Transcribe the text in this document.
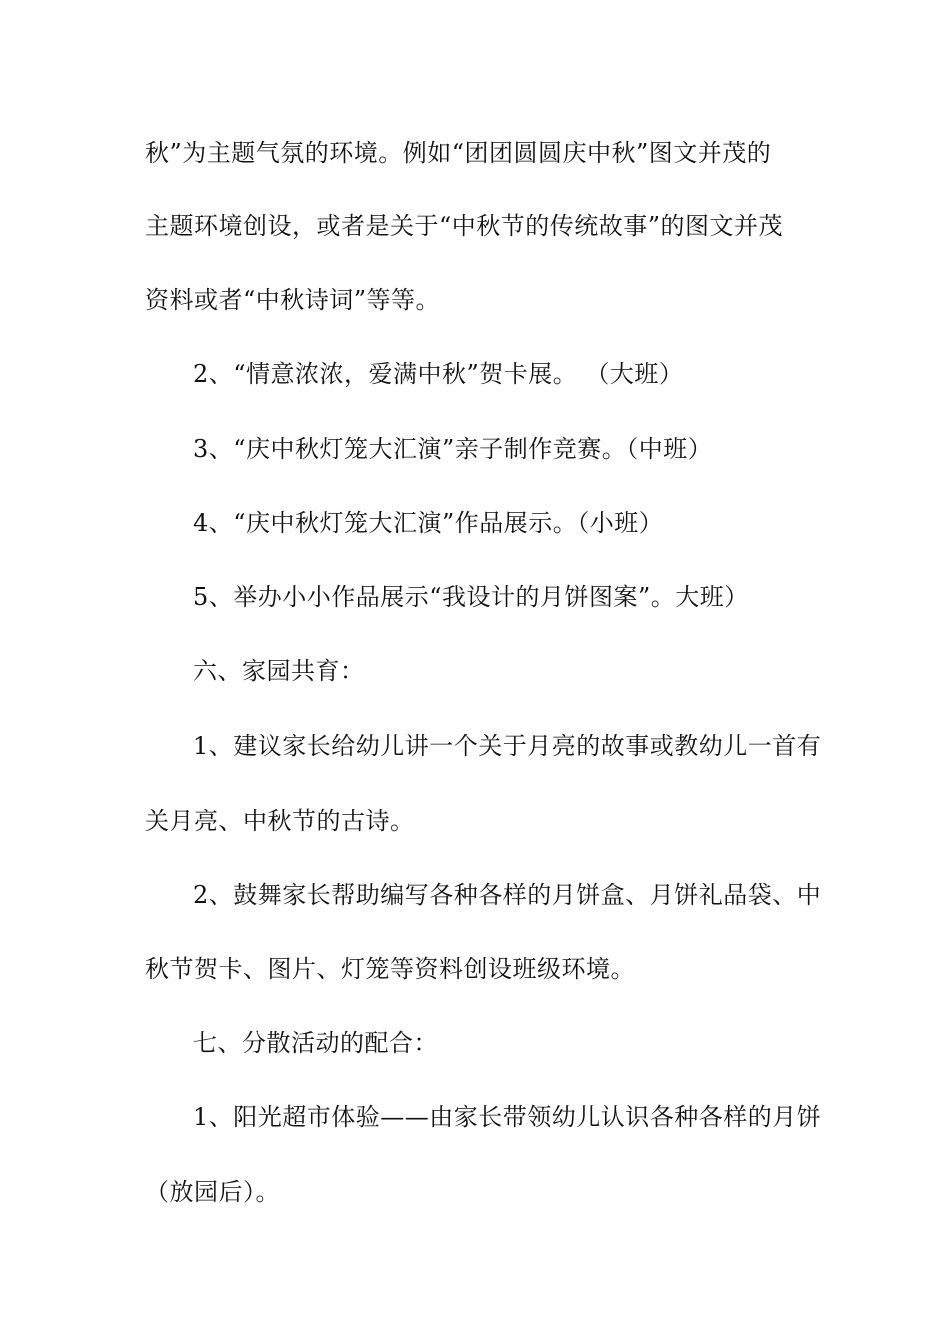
秋”为主题气氛的环境。例如“团团圆圆庆中秋”图文并茂的
主题环境创设，或者是关于“中秋节的传统故事”的图文并茂
资料或者“中秋诗词”等等。
2、“情意浓浓，爱满中秋”贺卡展。 （大班）
3、“庆中秋灯笼大汇演”亲子制作竞赛。（中班）
4、“庆中秋灯笼大汇演”作品展示。（小班）
5、举办小小作品展示“我设计的月饼图案”。大班）
六、家园共育：
1、建议家长给幼儿讲一个关于月亮的故事或教幼儿一首有
关月亮、中秋节的古诗。
2、鼓舞家长帮助编写各种各样的月饼盒、月饼礼品袋、中
秋节贺卡、图片、灯笼等资料创设班级环境。
七、分散活动的配合：
1、阳光超市体验——由家长带领幼儿认识各种各样的月饼
（放园后）。
